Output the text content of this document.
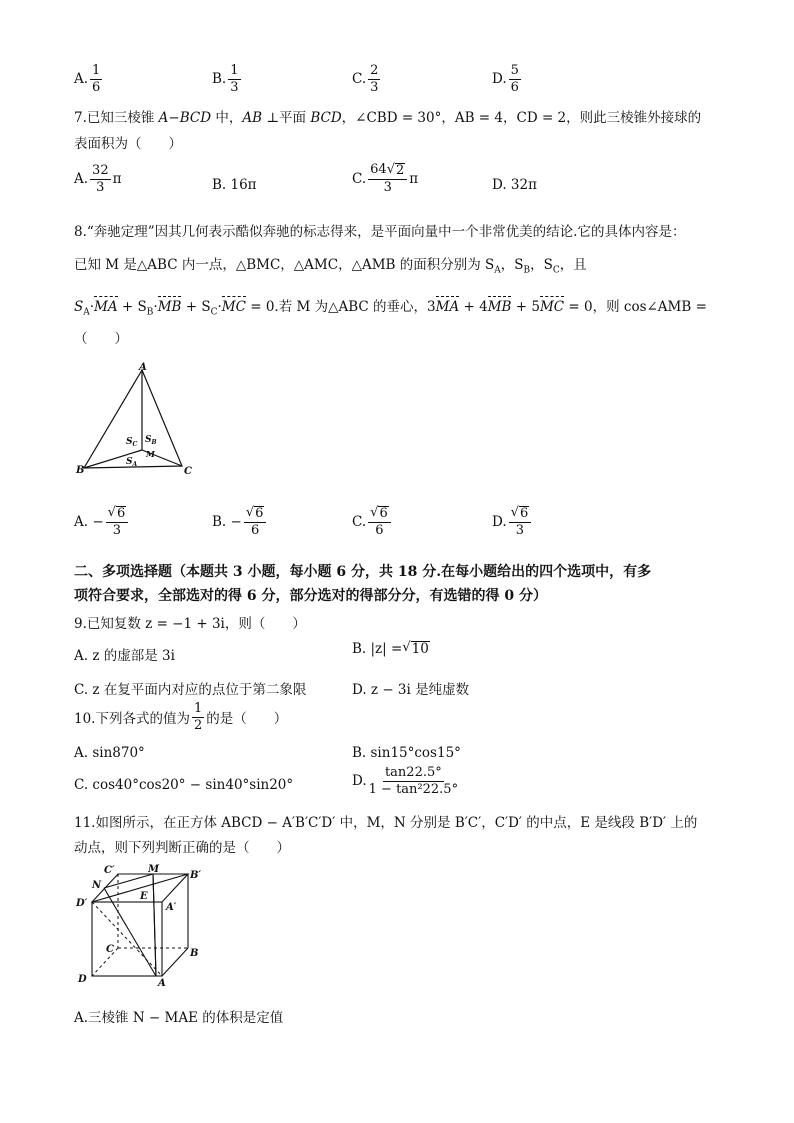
A. $\frac{1}{6}$	B. $\frac{1}{3}$	C. $\frac{2}{3}$	D. $\frac{5}{6}$
7.已知三棱锥 A−BCD 中，AB ⊥平面 BCD，∠CBD = 30°，AB = 4，CD = 2，则此三棱锥外接球的
表面积为（　　）
A. $\frac{32}{3}$ π	B. 16π	C. $\frac{64 √ 2}{3}$ π	D. 32π
8.“奔驰定理”因其几何表示酷似奔驰的标志得来，是平面向量中一个非常优美的结论.它的具体内容是：
已知 M 是△ABC 内一点，△BMC，△AMC，△AMB 的面积分别为 $S_A$，$S_B$，$S_C$，且
$S_A\cdot MA + S_B\cdot MB + S_C\cdot MC = 0$.若 M 为△ABC 的垂心，3MA + 4MB + 5MC = 0，则 cos∠AMB =
（　　）
A
B	C
M
$S_C$ $S_B$
$S_A$
A. − $\frac{√ 6}{3}$	B. − $\frac{√ 6}{6}$	C. $\frac{√ 6}{6}$	D. $\frac{√ 6}{3}$
二、多项选择题（本题共 3 小题，每小题 6 分，共 18 分.在每小题给出的四个选项中，有多
项符合要求，全部选对的得 6 分，部分选对的得部分分，有选错的得 0 分）
9.已知复数 z = −1 + 3i，则（　　）
A. z 的虚部是 3i	B. |z| = √ 10
C. z 在复平面内对应的点位于第二象限	D. z − 3i 是纯虚数
10.下列各式的值为 $\frac{1}{2}$ 的是（　　）
A. sin870°	B. sin15°cos15°
C. cos40°cos20° − sin40°sin20°	D. $\frac{\tan 22.5^\circ}{\text{1 − tan²22.5°}}$
11.如图所示，在正方体 ABCD − A′B′C′D′ 中，M，N 分别是 B′C′，C′D′ 的中点，E 是线段 B′D′ 上的
动点，则下列判断正确的是（　　）
C′	M
B′
N
E
D′	A′
C	B
D	A
A.三棱锥 N − MAE 的体积是定值
